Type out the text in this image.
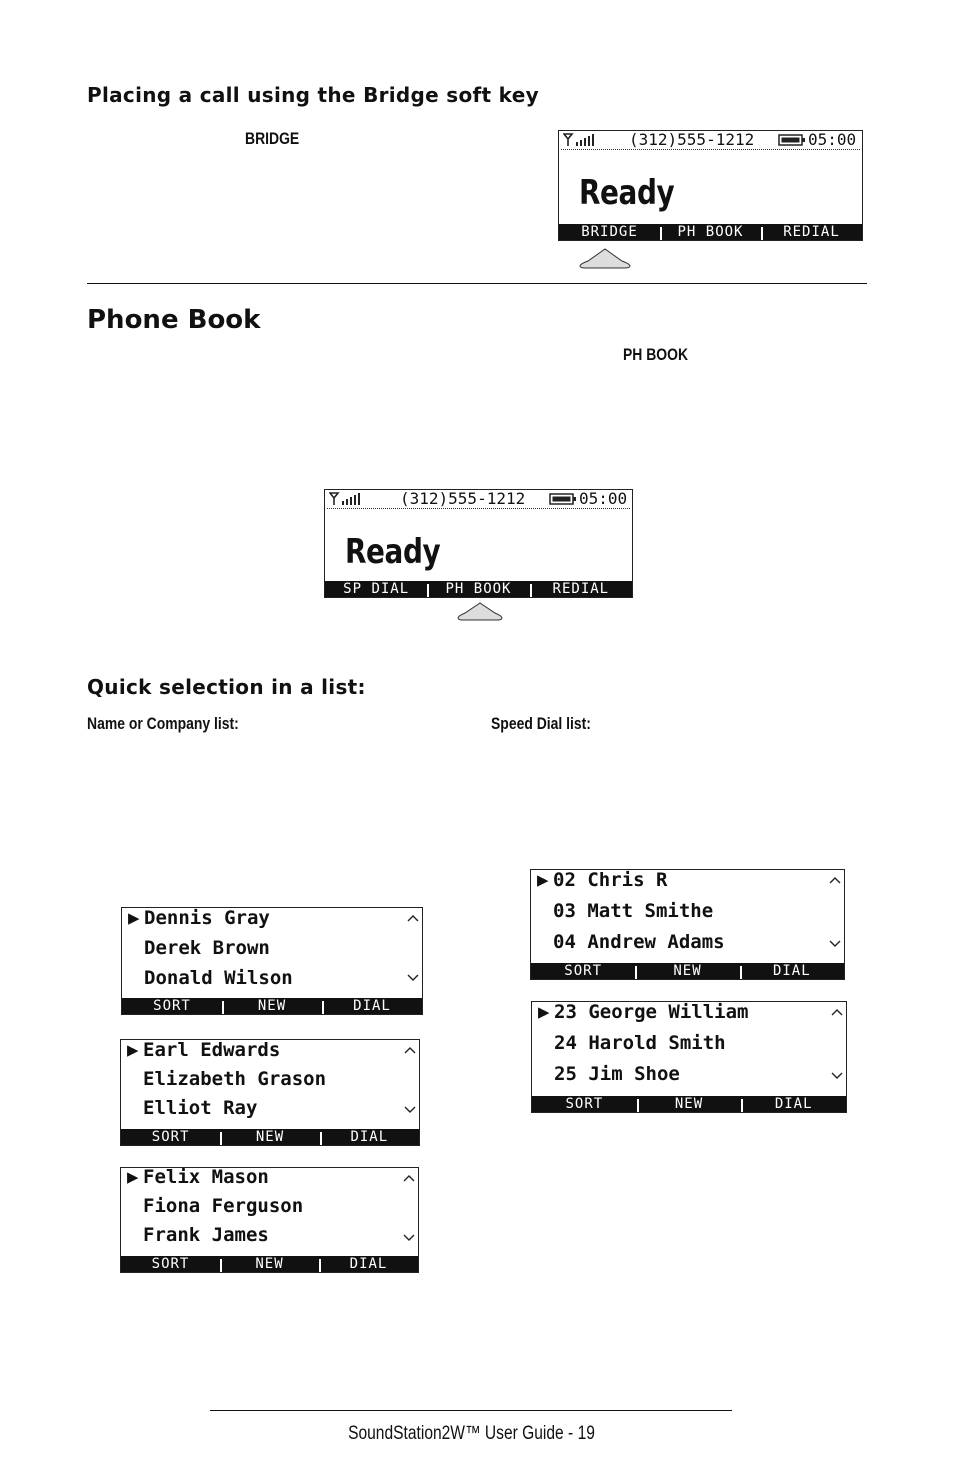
Placing a call using the Bridge soft key
BRIDGE	(312)555-1212	05:00
Ready
BRIDGE	PH BOOK	REDIAL
Phone Book
PH BOOK
(312)555-1212	05:00
Ready
SP DIAL	PH BOOK	REDIAL
Quick selection in a list:
Name or Company list:	Speed Dial list:
▶ Dennis Gray
Derek Brown
Donald Wilson
SORT	NEW	DIAL
▶ Earl Edwards
Elizabeth Grason
Elliot Ray
SORT	NEW	DIAL
▶ Felix Mason
Fiona Ferguson
Frank James
SORT	NEW	DIAL
▶ 02 Chris R
03 Matt Smithe
04 Andrew Adams
SORT	NEW	DIAL
▶ 23 George William
24 Harold Smith
25 Jim Shoe
SORT	NEW	DIAL
SoundStation2W™ User Guide - 19
